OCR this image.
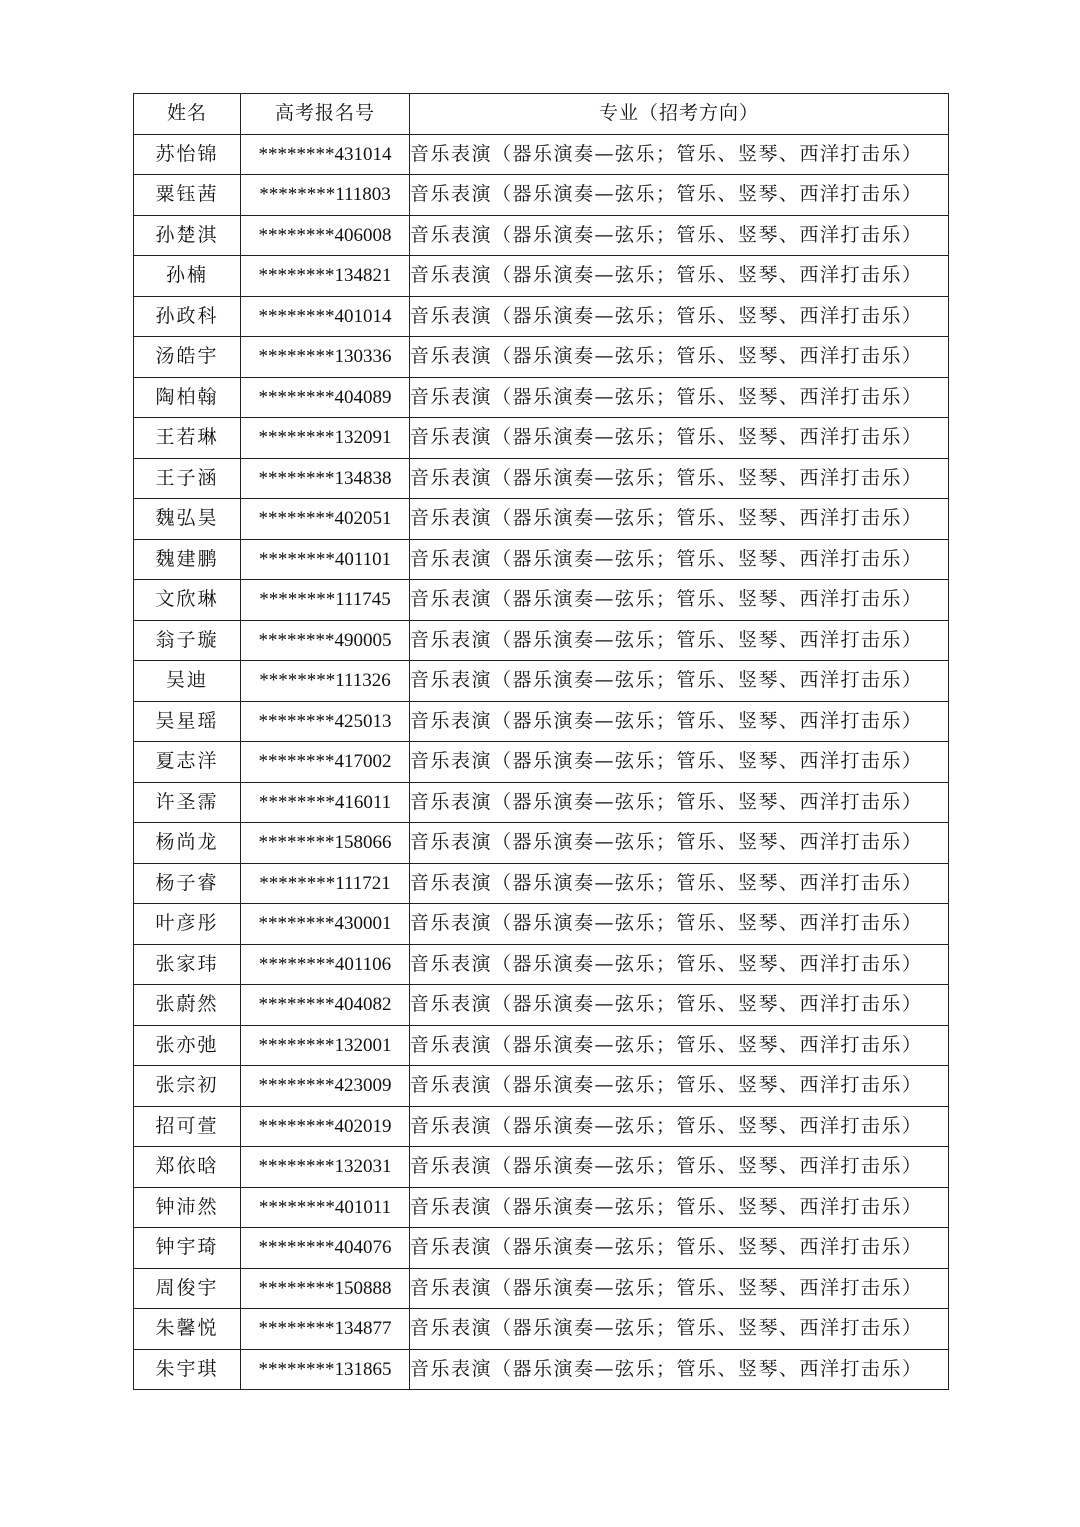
姓名	高考报名号	专业（招考方向）
苏怡锦	********431014	音乐表演（器乐演奏—弦乐；管乐、竖琴、西洋打击乐）
粟钰茜	********111803	音乐表演（器乐演奏—弦乐；管乐、竖琴、西洋打击乐）
孙楚淇	********406008	音乐表演（器乐演奏—弦乐；管乐、竖琴、西洋打击乐）
孙楠	********134821	音乐表演（器乐演奏—弦乐；管乐、竖琴、西洋打击乐）
孙政科	********401014	音乐表演（器乐演奏—弦乐；管乐、竖琴、西洋打击乐）
汤皓宇	********130336	音乐表演（器乐演奏—弦乐；管乐、竖琴、西洋打击乐）
陶柏翰	********404089	音乐表演（器乐演奏—弦乐；管乐、竖琴、西洋打击乐）
王若琳	********132091	音乐表演（器乐演奏—弦乐；管乐、竖琴、西洋打击乐）
王子涵	********134838	音乐表演（器乐演奏—弦乐；管乐、竖琴、西洋打击乐）
魏弘昊	********402051	音乐表演（器乐演奏—弦乐；管乐、竖琴、西洋打击乐）
魏建鹏	********401101	音乐表演（器乐演奏—弦乐；管乐、竖琴、西洋打击乐）
文欣琳	********111745	音乐表演（器乐演奏—弦乐；管乐、竖琴、西洋打击乐）
翁子璇	********490005	音乐表演（器乐演奏—弦乐；管乐、竖琴、西洋打击乐）
吴迪	********111326	音乐表演（器乐演奏—弦乐；管乐、竖琴、西洋打击乐）
吴星瑶	********425013	音乐表演（器乐演奏—弦乐；管乐、竖琴、西洋打击乐）
夏志洋	********417002	音乐表演（器乐演奏—弦乐；管乐、竖琴、西洋打击乐）
许圣霈	********416011	音乐表演（器乐演奏—弦乐；管乐、竖琴、西洋打击乐）
杨尚龙	********158066	音乐表演（器乐演奏—弦乐；管乐、竖琴、西洋打击乐）
杨子睿	********111721	音乐表演（器乐演奏—弦乐；管乐、竖琴、西洋打击乐）
叶彦彤	********430001	音乐表演（器乐演奏—弦乐；管乐、竖琴、西洋打击乐）
张家玮	********401106	音乐表演（器乐演奏—弦乐；管乐、竖琴、西洋打击乐）
张蔚然	********404082	音乐表演（器乐演奏—弦乐；管乐、竖琴、西洋打击乐）
张亦弛	********132001	音乐表演（器乐演奏—弦乐；管乐、竖琴、西洋打击乐）
张宗初	********423009	音乐表演（器乐演奏—弦乐；管乐、竖琴、西洋打击乐）
招可萱	********402019	音乐表演（器乐演奏—弦乐；管乐、竖琴、西洋打击乐）
郑依晗	********132031	音乐表演（器乐演奏—弦乐；管乐、竖琴、西洋打击乐）
钟沛然	********401011	音乐表演（器乐演奏—弦乐；管乐、竖琴、西洋打击乐）
钟宇琦	********404076	音乐表演（器乐演奏—弦乐；管乐、竖琴、西洋打击乐）
周俊宇	********150888	音乐表演（器乐演奏—弦乐；管乐、竖琴、西洋打击乐）
朱馨悦	********134877	音乐表演（器乐演奏—弦乐；管乐、竖琴、西洋打击乐）
朱宇琪	********131865	音乐表演（器乐演奏—弦乐；管乐、竖琴、西洋打击乐）
